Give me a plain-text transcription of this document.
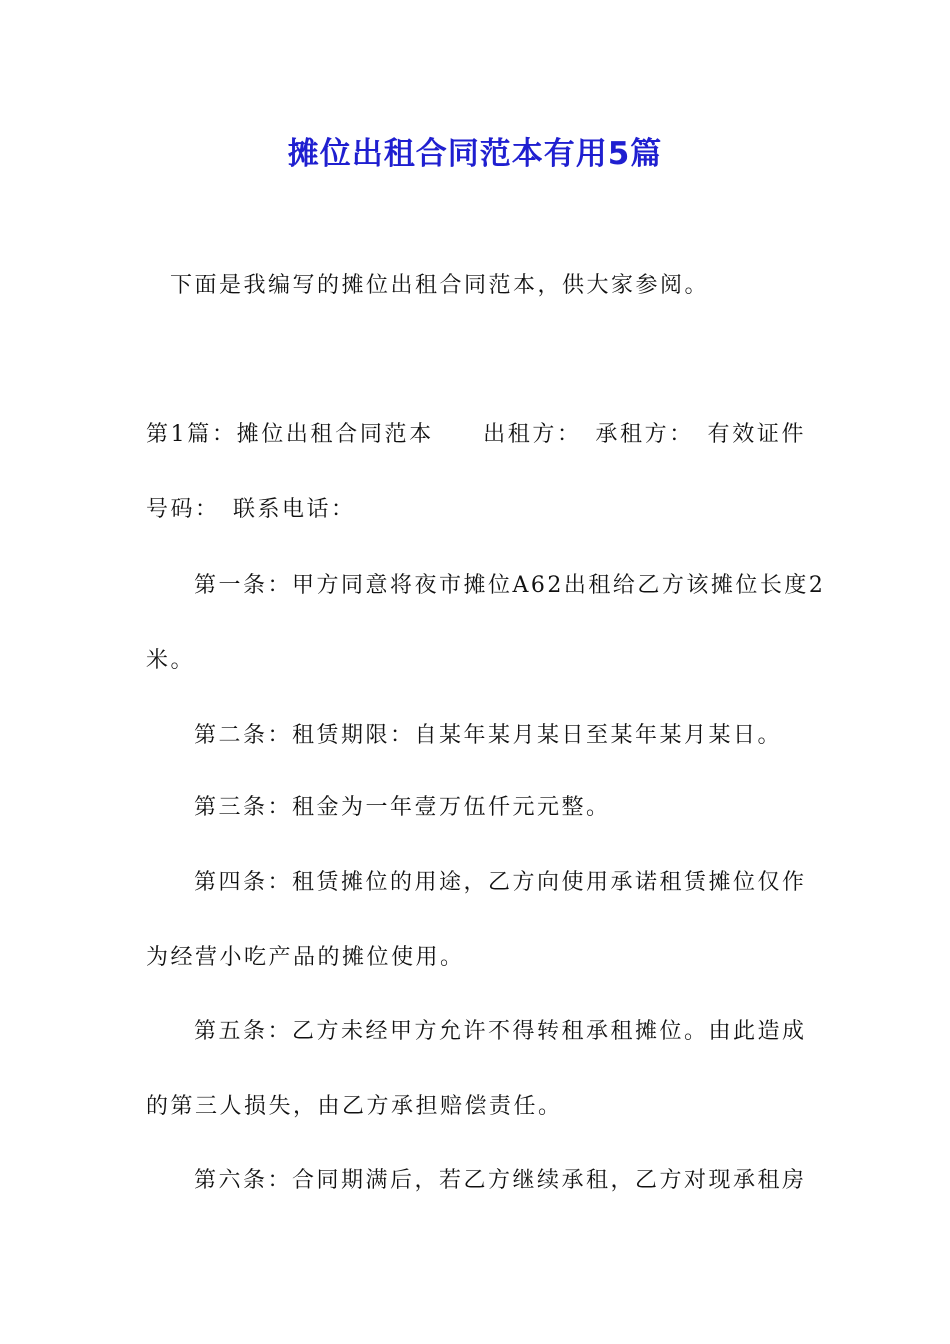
摊位出租合同范本有用5篇
下面是我编写的摊位出租合同范本，供大家参阅。
第1篇：摊位出租合同范本　　出租方：　承租方：　有效证件
号码：　联系电话：
第一条：甲方同意将夜市摊位A62出租给乙方该摊位长度2
米。
第二条：租赁期限：自某年某月某日至某年某月某日。
第三条：租金为一年壹万伍仟元元整。
第四条：租赁摊位的用途，乙方向使用承诺租赁摊位仅作
为经营小吃产品的摊位使用。
第五条：乙方未经甲方允许不得转租承租摊位。由此造成
的第三人损失，由乙方承担赔偿责任。
第六条：合同期满后，若乙方继续承租，乙方对现承租房
